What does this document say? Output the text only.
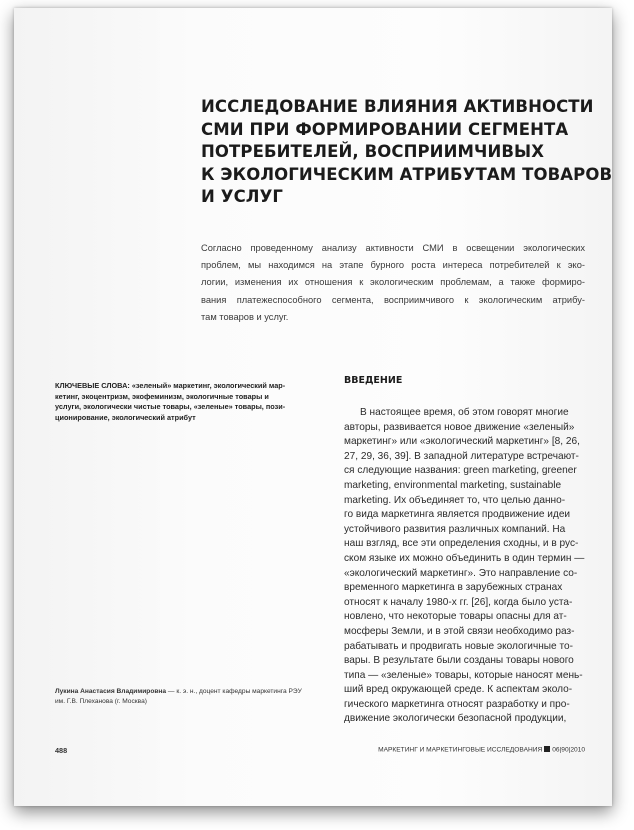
ИССЛЕДОВАНИЕ ВЛИЯНИЯ АКТИВНОСТИ
СМИ ПРИ ФОРМИРОВАНИИ СЕГМЕНТА
ПОТРЕБИТЕЛЕЙ, ВОСПРИИМЧИВЫХ
К ЭКОЛОГИЧЕСКИМ АТРИБУТАМ ТОВАРОВ
И УСЛУГ
Согласно проведенному анализу активности СМИ в освещении экологических
проблем, мы находимся на этапе бурного роста интереса потребителей к эко-
логии, изменения их отношения к экологическим проблемам, а также формиро-
вания платежеспособного сегмента, восприимчивого к экологическим атрибу-
там товаров и услуг.
КЛЮЧЕВЫЕ СЛОВА: «зеленый» маркетинг, экологический мар-
кетинг, экоцентризм, экофеминизм, экологичные товары и
услуги, экологически чистые товары, «зеленые» товары, пози-
ционирование, экологический атрибут
ВВЕДЕНИЕ
В настоящее время, об этом говорят многие
авторы, развивается новое движение «зеленый»
маркетинг» или «экологический маркетинг» [8, 26,
27, 29, 36, 39]. В западной литературе встречают-
ся следующие названия: green marketing, greener
marketing, environmental marketing, sustainable
marketing. Их объединяет то, что целью данно-
го вида маркетинга является продвижение идеи
устойчивого развития различных компаний. На
наш взгляд, все эти определения сходны, и в рус-
ском языке их можно объединить в один термин —
«экологический маркетинг». Это направление со-
временного маркетинга в зарубежных странах
относят к началу 1980-х гг. [26], когда было уста-
новлено, что некоторые товары опасны для ат-
мосферы Земли, и в этой связи необходимо раз-
рабатывать и продвигать новые экологичные то-
вары. В результате были созданы товары нового
типа — «зеленые» товары, которые наносят мень-
ший вред окружающей среде. К аспектам эколо-
гического маркетинга относят разработку и про-
движение экологически безопасной продукции,
Лукина Анастасия Владимировна — к. э. н., доцент кафедры маркетинга РЭУ
им. Г.В. Плеханова (г. Москва)
488	МАРКЕТИНГ И МАРКЕТИНГОВЫЕ ИССЛЕДОВАНИЯ 06|90|2010
